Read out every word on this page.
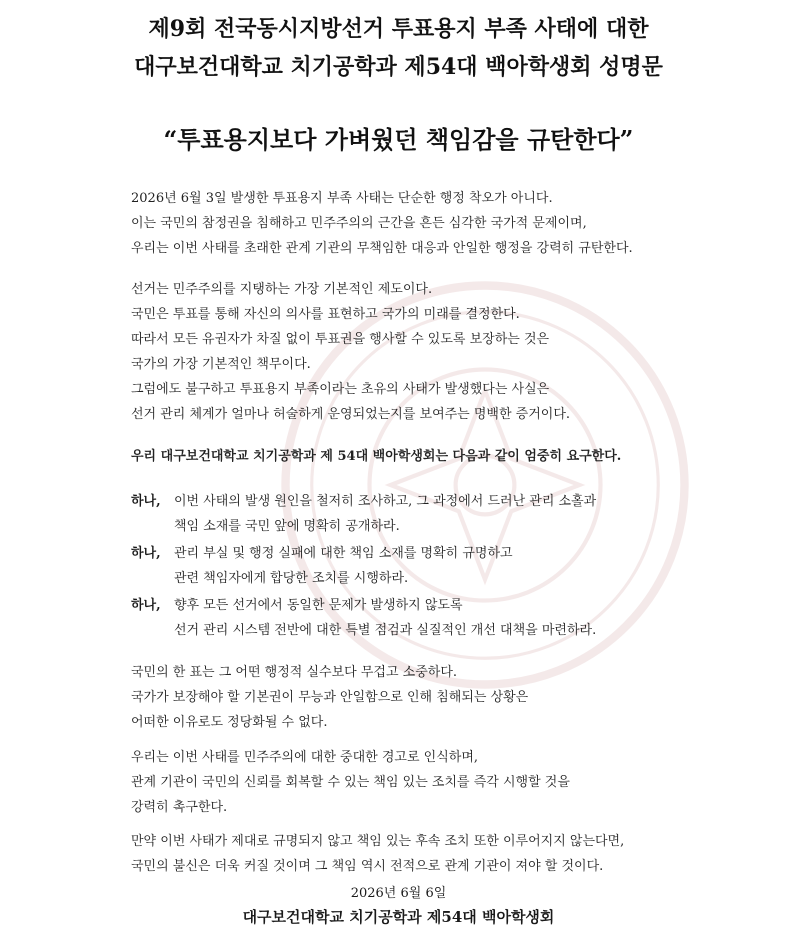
제9회 전국동시지방선거 투표용지 부족 사태에 대한
대구보건대학교 치기공학과 제54대 백아학생회 성명문
“투표용지보다 가벼웠던 책임감을 규탄한다”
2026년 6월 3일 발생한 투표용지 부족 사태는 단순한 행정 착오가 아니다.
이는 국민의 참정권을 침해하고 민주주의의 근간을 흔든 심각한 국가적 문제이며,
우리는 이번 사태를 초래한 관계 기관의 무책임한 대응과 안일한 행정을 강력히 규탄한다.
선거는 민주주의를 지탱하는 가장 기본적인 제도이다.
국민은 투표를 통해 자신의 의사를 표현하고 국가의 미래를 결정한다.
따라서 모든 유권자가 차질 없이 투표권을 행사할 수 있도록 보장하는 것은
국가의 가장 기본적인 책무이다.
그럼에도 불구하고 투표용지 부족이라는 초유의 사태가 발생했다는 사실은
선거 관리 체계가 얼마나 허술하게 운영되었는지를 보여주는 명백한 증거이다.
우리 대구보건대학교 치기공학과 제 54대 백아학생회는 다음과 같이 엄중히 요구한다.
하나, 이번 사태의 발생 원인을 철저히 조사하고, 그 과정에서 드러난 관리 소홀과
책임 소재를 국민 앞에 명확히 공개하라.
하나, 관리 부실 및 행정 실패에 대한 책임 소재를 명확히 규명하고
관련 책임자에게 합당한 조치를 시행하라.
하나, 향후 모든 선거에서 동일한 문제가 발생하지 않도록
선거 관리 시스템 전반에 대한 특별 점검과 실질적인 개선 대책을 마련하라.
국민의 한 표는 그 어떤 행정적 실수보다 무겁고 소중하다.
국가가 보장해야 할 기본권이 무능과 안일함으로 인해 침해되는 상황은
어떠한 이유로도 정당화될 수 없다.
우리는 이번 사태를 민주주의에 대한 중대한 경고로 인식하며,
관계 기관이 국민의 신뢰를 회복할 수 있는 책임 있는 조치를 즉각 시행할 것을
강력히 촉구한다.
만약 이번 사태가 제대로 규명되지 않고 책임 있는 후속 조치 또한 이루어지지 않는다면,
국민의 불신은 더욱 커질 것이며 그 책임 역시 전적으로 관계 기관이 져야 할 것이다.
2026년 6월 6일
대구보건대학교 치기공학과 제54대 백아학생회
